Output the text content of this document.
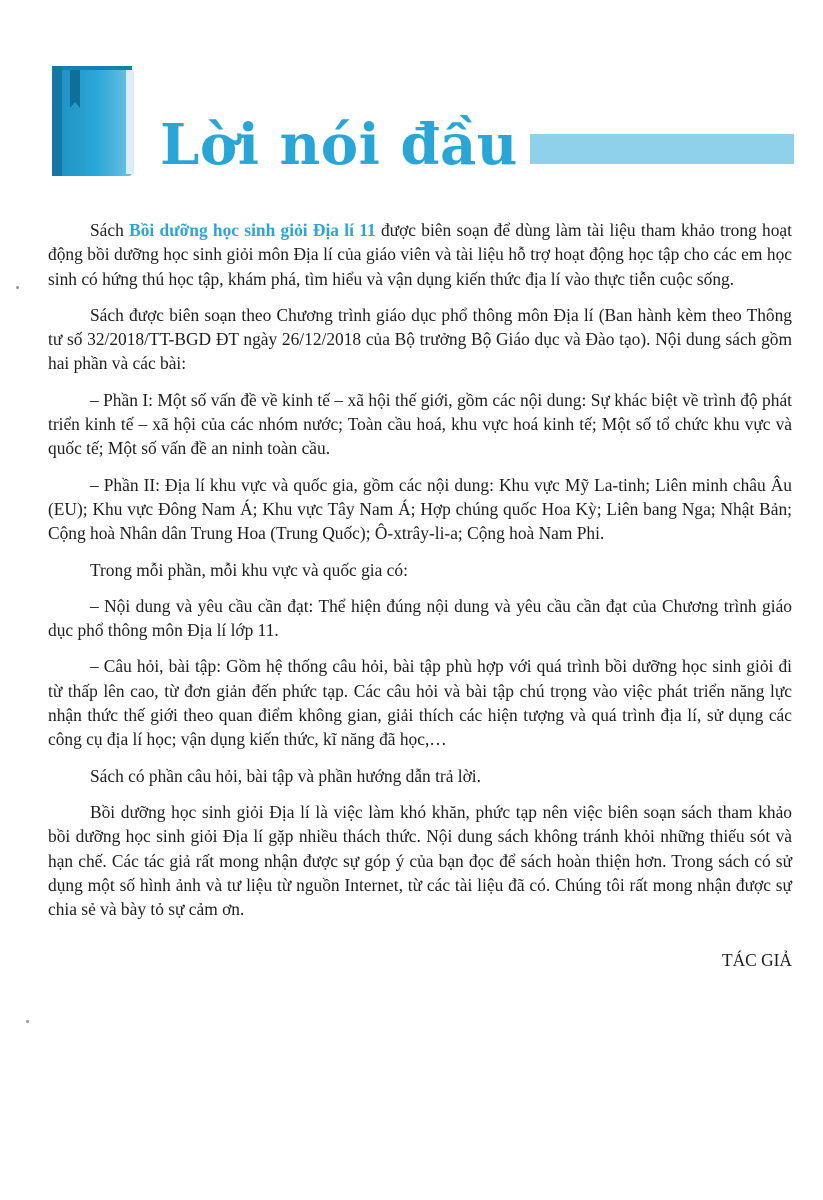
Lời nói đầu

Sách Bồi dưỡng học sinh giỏi Địa lí 11 được biên soạn để dùng làm tài liệu tham khảo trong hoạt động bồi dưỡng học sinh giỏi môn Địa lí của giáo viên và tài liệu hỗ trợ hoạt động học tập cho các em học sinh có hứng thú học tập, khám phá, tìm hiểu và vận dụng kiến thức địa lí vào thực tiễn cuộc sống.

Sách được biên soạn theo Chương trình giáo dục phổ thông môn Địa lí (Ban hành kèm theo Thông tư số 32/2018/TT-BGD ĐT ngày 26/12/2018 của Bộ trưởng Bộ Giáo dục và Đào tạo). Nội dung sách gồm hai phần và các bài:

– Phần I: Một số vấn đề về kinh tế – xã hội thế giới, gồm các nội dung: Sự khác biệt về trình độ phát triển kinh tế – xã hội của các nhóm nước; Toàn cầu hoá, khu vực hoá kinh tế; Một số tổ chức khu vực và quốc tế; Một số vấn đề an ninh toàn cầu.

– Phần II: Địa lí khu vực và quốc gia, gồm các nội dung: Khu vực Mỹ La-tinh; Liên minh châu Âu (EU); Khu vực Đông Nam Á; Khu vực Tây Nam Á; Hợp chúng quốc Hoa Kỳ; Liên bang Nga; Nhật Bản; Cộng hoà Nhân dân Trung Hoa (Trung Quốc); Ô-xtrây-li-a; Cộng hoà Nam Phi.

Trong mỗi phần, mỗi khu vực và quốc gia có:

– Nội dung và yêu cầu cần đạt: Thể hiện đúng nội dung và yêu cầu cần đạt của Chương trình giáo dục phổ thông môn Địa lí lớp 11.

– Câu hỏi, bài tập: Gồm hệ thống câu hỏi, bài tập phù hợp với quá trình bồi dưỡng học sinh giỏi đi từ thấp lên cao, từ đơn giản đến phức tạp. Các câu hỏi và bài tập chú trọng vào việc phát triển năng lực nhận thức thế giới theo quan điểm không gian, giải thích các hiện tượng và quá trình địa lí, sử dụng các công cụ địa lí học; vận dụng kiến thức, kĩ năng đã học,…

Sách có phần câu hỏi, bài tập và phần hướng dẫn trả lời.

Bồi dưỡng học sinh giỏi Địa lí là việc làm khó khăn, phức tạp nên việc biên soạn sách tham khảo bồi dưỡng học sinh giỏi Địa lí gặp nhiều thách thức. Nội dung sách không tránh khỏi những thiếu sót và hạn chế. Các tác giả rất mong nhận được sự góp ý của bạn đọc để sách hoàn thiện hơn. Trong sách có sử dụng một số hình ảnh và tư liệu từ nguồn Internet, từ các tài liệu đã có. Chúng tôi rất mong nhận được sự chia sẻ và bày tỏ sự cảm ơn.

TÁC GIẢ
